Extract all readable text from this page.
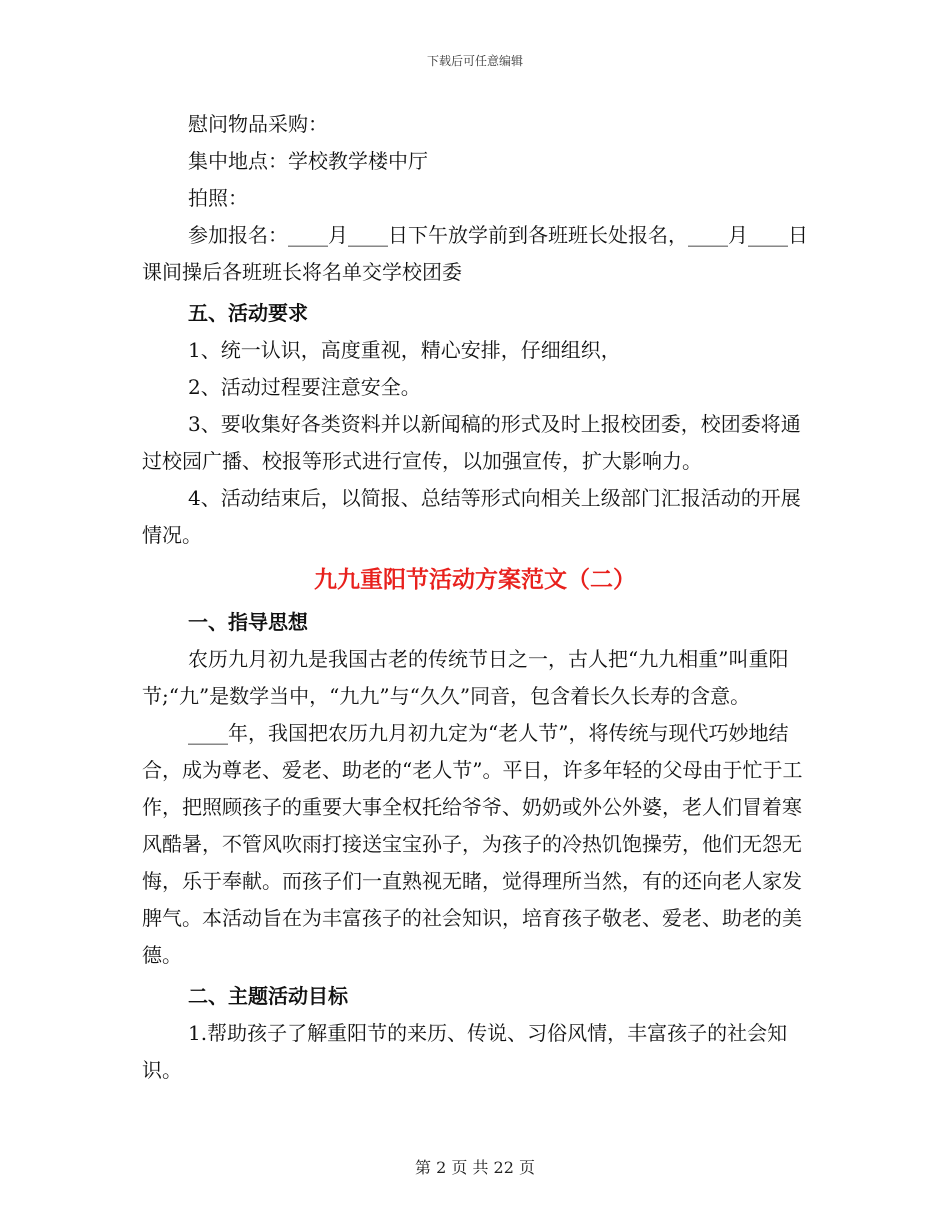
下载后可任意编辑

慰问物品采购：

集中地点：学校教学楼中厅

拍照：

参加报名：____月____日下午放学前到各班班长处报名，____月____日课间操后各班班长将名单交学校团委

五、活动要求

1、统一认识，高度重视，精心安排，仔细组织，

2、活动过程要注意安全。

3、要收集好各类资料并以新闻稿的形式及时上报校团委，校团委将通过校园广播、校报等形式进行宣传，以加强宣传，扩大影响力。

4、活动结束后，以简报、总结等形式向相关上级部门汇报活动的开展情况。

九九重阳节活动方案范文（二）

一、指导思想

农历九月初九是我国古老的传统节日之一，古人把“九九相重”叫重阳节;“九”是数学当中，“九九”与“久久”同音，包含着长久长寿的含意。

____年，我国把农历九月初九定为“老人节”，将传统与现代巧妙地结合，成为尊老、爱老、助老的“老人节”。平日，许多年轻的父母由于忙于工作，把照顾孩子的重要大事全权托给爷爷、奶奶或外公外婆，老人们冒着寒风酷暑，不管风吹雨打接送宝宝孙子，为孩子的冷热饥饱操劳，他们无怨无悔，乐于奉献。而孩子们一直熟视无睹，觉得理所当然，有的还向老人家发脾气。本活动旨在为丰富孩子的社会知识，培育孩子敬老、爱老、助老的美德。

二、主题活动目标

1.帮助孩子了解重阳节的来历、传说、习俗风情，丰富孩子的社会知识。

第 2 页 共 22 页
